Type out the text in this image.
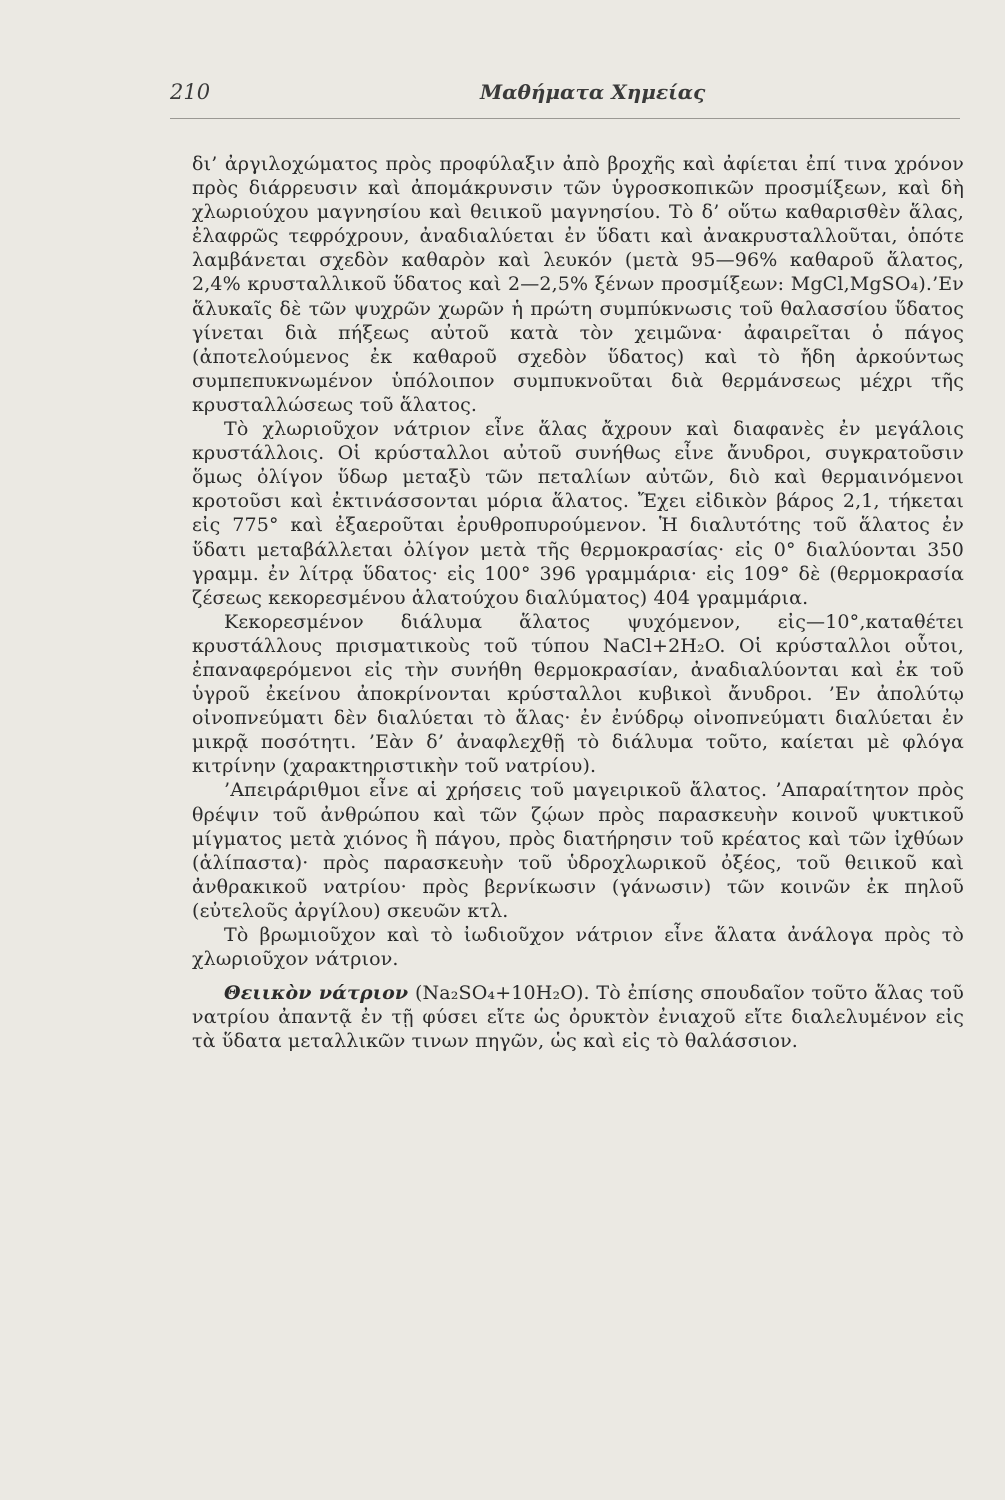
210	Μαθήματα Χημείας

δι’ ἀργιλοχώματος πρὸς προφύλαξιν ἀπὸ βροχῆς καὶ ἀφίεται ἐπί τινα χρόνον πρὸς διάρρευσιν καὶ ἀπομάκρυνσιν τῶν ὑγροσκοπικῶν προσμίξεων, καὶ δὴ χλωριούχου μαγνησίου καὶ θειικοῦ μαγνησίου. Τὸ δ’ οὕτω καθαρισθὲν ἅλας, ἐλαφρῶς τεφρόχρουν, ἀναδιαλύεται ἐν ὕδατι καὶ ἀνακρυσταλλοῦται, ὁπότε λαμβάνεται σχεδὸν καθαρὸν καὶ λευκόν (μετὰ 95—96% καθαροῦ ἅλατος, 2,4% κρυσταλλικοῦ ὕδατος καὶ 2—2,5% ξένων προσμίξεων: MgCl,MgSO₄).’Εν ἅλυκαῖς δὲ τῶν ψυχρῶν χωρῶν ἡ πρώτη συμπύκνωσις τοῦ θαλασσίου ὕδατος γίνεται διὰ πήξεως αὐτοῦ κατὰ τὸν χειμῶνα· ἀφαιρεῖται ὁ πάγος (ἀποτελούμενος ἐκ καθαροῦ σχεδὸν ὕδατος) καὶ τὸ ἤδη ἀρκούντως συμπεπυκνωμένον ὑπόλοιπον συμπυκνοῦται διὰ θερμάνσεως μέχρι τῆς κρυσταλλώσεως τοῦ ἅλατος.

Τὸ χλωριοῦχον νάτριον εἶνε ἅλας ἄχρουν καὶ διαφανὲς ἐν μεγάλοις κρυστάλλοις. Οἱ κρύσταλλοι αὐτοῦ συνήθως εἶνε ἄνυδροι, συγκρατοῦσιν ὅμως ὀλίγον ὕδωρ μεταξὺ τῶν πεταλίων αὐτῶν, διὸ καὶ θερμαινόμενοι κροτοῦσι καὶ ἐκτινάσσονται μόρια ἅλατος. Ἔχει εἰδικὸν βάρος 2,1, τήκεται εἰς 775° καὶ ἐξαεροῦται ἐρυθροπυρούμενον. Ἡ διαλυτότης τοῦ ἅλατος ἐν ὕδατι μεταβάλλεται ὀλίγον μετὰ τῆς θερμοκρασίας· εἰς 0° διαλύονται 350 γραμμ. ἐν λίτρᾳ ὕδατος· εἰς 100° 396 γραμμάρια· εἰς 109° δὲ (θερμοκρασία ζέσεως κεκορεσμένου ἁλατούχου διαλύματος) 404 γραμμάρια.

Κεκορεσμένον διάλυμα ἅλατος ψυχόμενον, εἰς—10°,καταθέτει κρυστάλλους πρισματικοὺς τοῦ τύπου NaCl+2H₂O. Οἱ κρύσταλλοι οὗτοι, ἐπαναφερόμενοι εἰς τὴν συνήθη θερμοκρασίαν, ἀναδιαλύονται καὶ ἐκ τοῦ ὑγροῦ ἐκείνου ἀποκρίνονται κρύσταλλοι κυβικοὶ ἄνυδροι. ’Εν ἀπολύτῳ οἰνοπνεύματι δὲν διαλύεται τὸ ἅλας· ἐν ἐνύδρῳ οἰνοπνεύματι διαλύεται ἐν μικρᾷ ποσότητι. ’Εὰν δ’ ἀναφλεχθῇ τὸ διάλυμα τοῦτο, καίεται μὲ φλόγα κιτρίνην (χαρακτηριστικὴν τοῦ νατρίου).

’Απειράριθμοι εἶνε αἱ χρήσεις τοῦ μαγειρικοῦ ἅλατος. ’Απαραίτητον πρὸς θρέψιν τοῦ ἀνθρώπου καὶ τῶν ζῴων πρὸς παρασκευὴν κοινοῦ ψυκτικοῦ μίγματος μετὰ χιόνος ἢ πάγου, πρὸς διατήρησιν τοῦ κρέατος καὶ τῶν ἰχθύων (ἁλίπαστα)· πρὸς παρασκευὴν τοῦ ὑδροχλωρικοῦ ὀξέος, τοῦ θειικοῦ καὶ ἀνθρακικοῦ νατρίου· πρὸς βερνίκωσιν (γάνωσιν) τῶν κοινῶν ἐκ πηλοῦ (εὐτελοῦς ἀργίλου) σκευῶν κτλ.

Τὸ βρωμιοῦχον καὶ τὸ ἰωδιοῦχον νάτριον εἶνε ἅλατα ἀνάλογα πρὸς τὸ χλωριοῦχον νάτριον.

Θειικὸν νάτριον (Na₂SO₄+10H₂O). Τὸ ἐπίσης σπουδαῖον τοῦτο ἅλας τοῦ νατρίου ἀπαντᾷ ἐν τῇ φύσει εἴτε ὡς ὀρυκτὸν ἐνιαχοῦ εἴτε διαλελυμένον εἰς τὰ ὕδατα μεταλλικῶν τινων πηγῶν, ὡς καὶ εἰς τὸ θαλάσσιον.
